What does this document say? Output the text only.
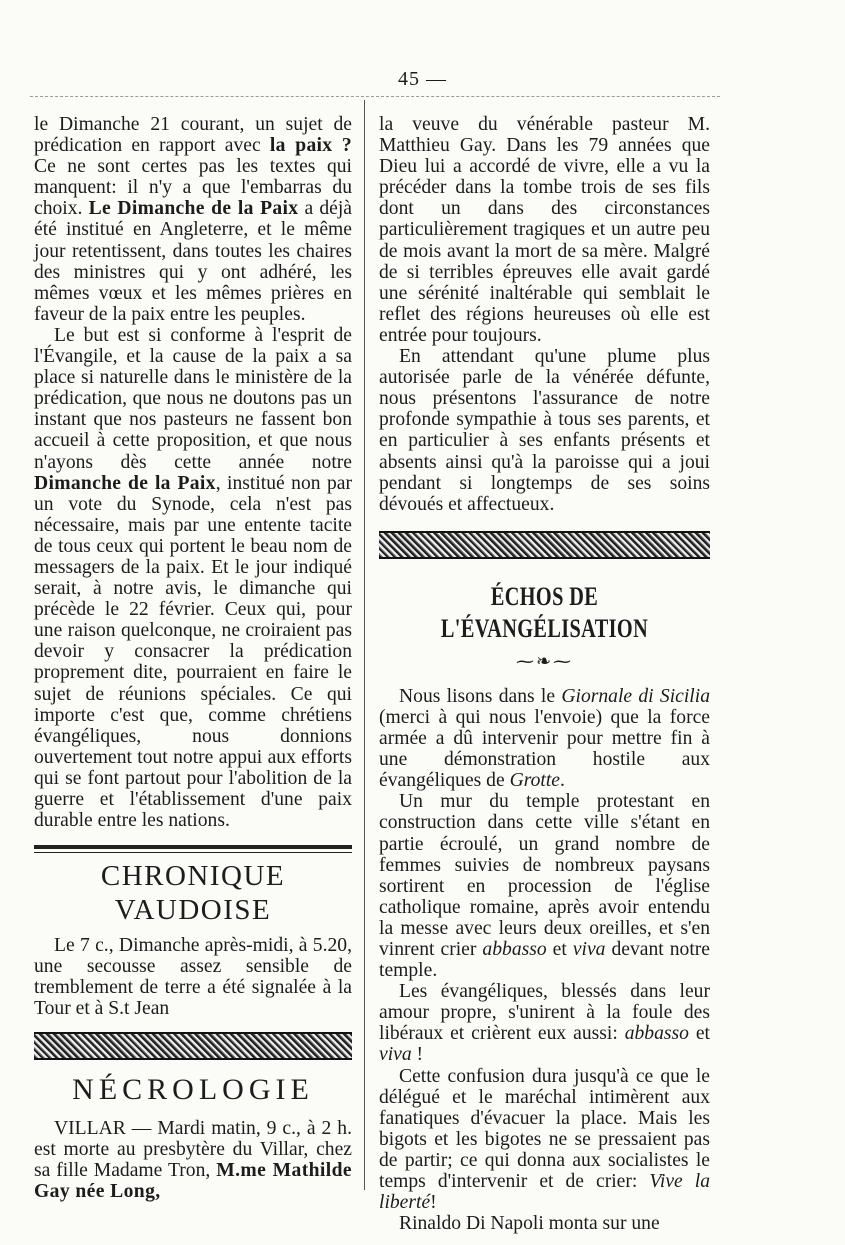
45 —

le Dimanche 21 courant, un sujet de prédication en rapport avec la paix ? Ce ne sont certes pas les textes qui manquent: il n'y a que l'embarras du choix. Le Dimanche de la Paix a déjà été institué en Angleterre, et le même jour retentissent, dans toutes les chaires des ministres qui y ont adhéré, les mêmes vœux et les mêmes prières en faveur de la paix entre les peuples.

Le but est si conforme à l'esprit de l'Évangile, et la cause de la paix a sa place si naturelle dans le ministère de la prédication, que nous ne doutons pas un instant que nos pasteurs ne fassent bon accueil à cette proposition, et que nous n'ayons dès cette année notre Dimanche de la Paix, institué non par un vote du Synode, cela n'est pas nécessaire, mais par une entente tacite de tous ceux qui portent le beau nom de messagers de la paix. Et le jour indiqué serait, à notre avis, le dimanche qui précède le 22 février. Ceux qui, pour une raison quelconque, ne croiraient pas devoir y consacrer la prédication proprement dite, pourraient en faire le sujet de réunions spéciales. Ce qui importe c'est que, comme chrétiens évangéliques, nous donnions ouvertement tout notre appui aux efforts qui se font partout pour l'abolition de la guerre et l'établissement d'une paix durable entre les nations.

CHRONIQUE VAUDOISE

Le 7 c., Dimanche après-midi, à 5.20, une secousse assez sensible de tremblement de terre a été signalée à la Tour et à S.t Jean

NÉCROLOGIE

VILLAR — Mardi matin, 9 c., à 2 h. est morte au presbytère du Villar, chez sa fille Madame Tron, M.me Mathilde Gay née Long,

la veuve du vénérable pasteur M. Matthieu Gay. Dans les 79 années que Dieu lui a accordé de vivre, elle a vu la précéder dans la tombe trois de ses fils dont un dans des circonstances particulièrement tragiques et un autre peu de mois avant la mort de sa mère. Malgré de si terribles épreuves elle avait gardé une sérénité inaltérable qui semblait le reflet des régions heureuses où elle est entrée pour toujours.

En attendant qu'une plume plus autorisée parle de la vénérée défunte, nous présentons l'assurance de notre profonde sympathie à tous ses parents, et en particulier à ses enfants présents et absents ainsi qu'à la paroisse qui a joui pendant si longtemps de ses soins dévoués et affectueux.

ÉCHOS DE L'ÉVANGÉLISATION
⁓❧⁓

Nous lisons dans le Giornale di Sicilia (merci à qui nous l'envoie) que la force armée a dû intervenir pour mettre fin à une démonstration hostile aux évangéliques de Grotte.

Un mur du temple protestant en construction dans cette ville s'étant en partie écroulé, un grand nombre de femmes suivies de nombreux paysans sortirent en procession de l'église catholique romaine, après avoir entendu la messe avec leurs deux oreilles, et s'en vinrent crier abbasso et viva devant notre temple.

Les évangéliques, blessés dans leur amour propre, s'unirent à la foule des libéraux et crièrent eux aussi: abbasso et viva !

Cette confusion dura jusqu'à ce que le délégué et le maréchal intimèrent aux fanatiques d'évacuer la place. Mais les bigots et les bigotes ne se pressaient pas de partir; ce qui donna aux socialistes le temps d'intervenir et de crier: Vive la liberté!

Rinaldo Di Napoli monta sur une
